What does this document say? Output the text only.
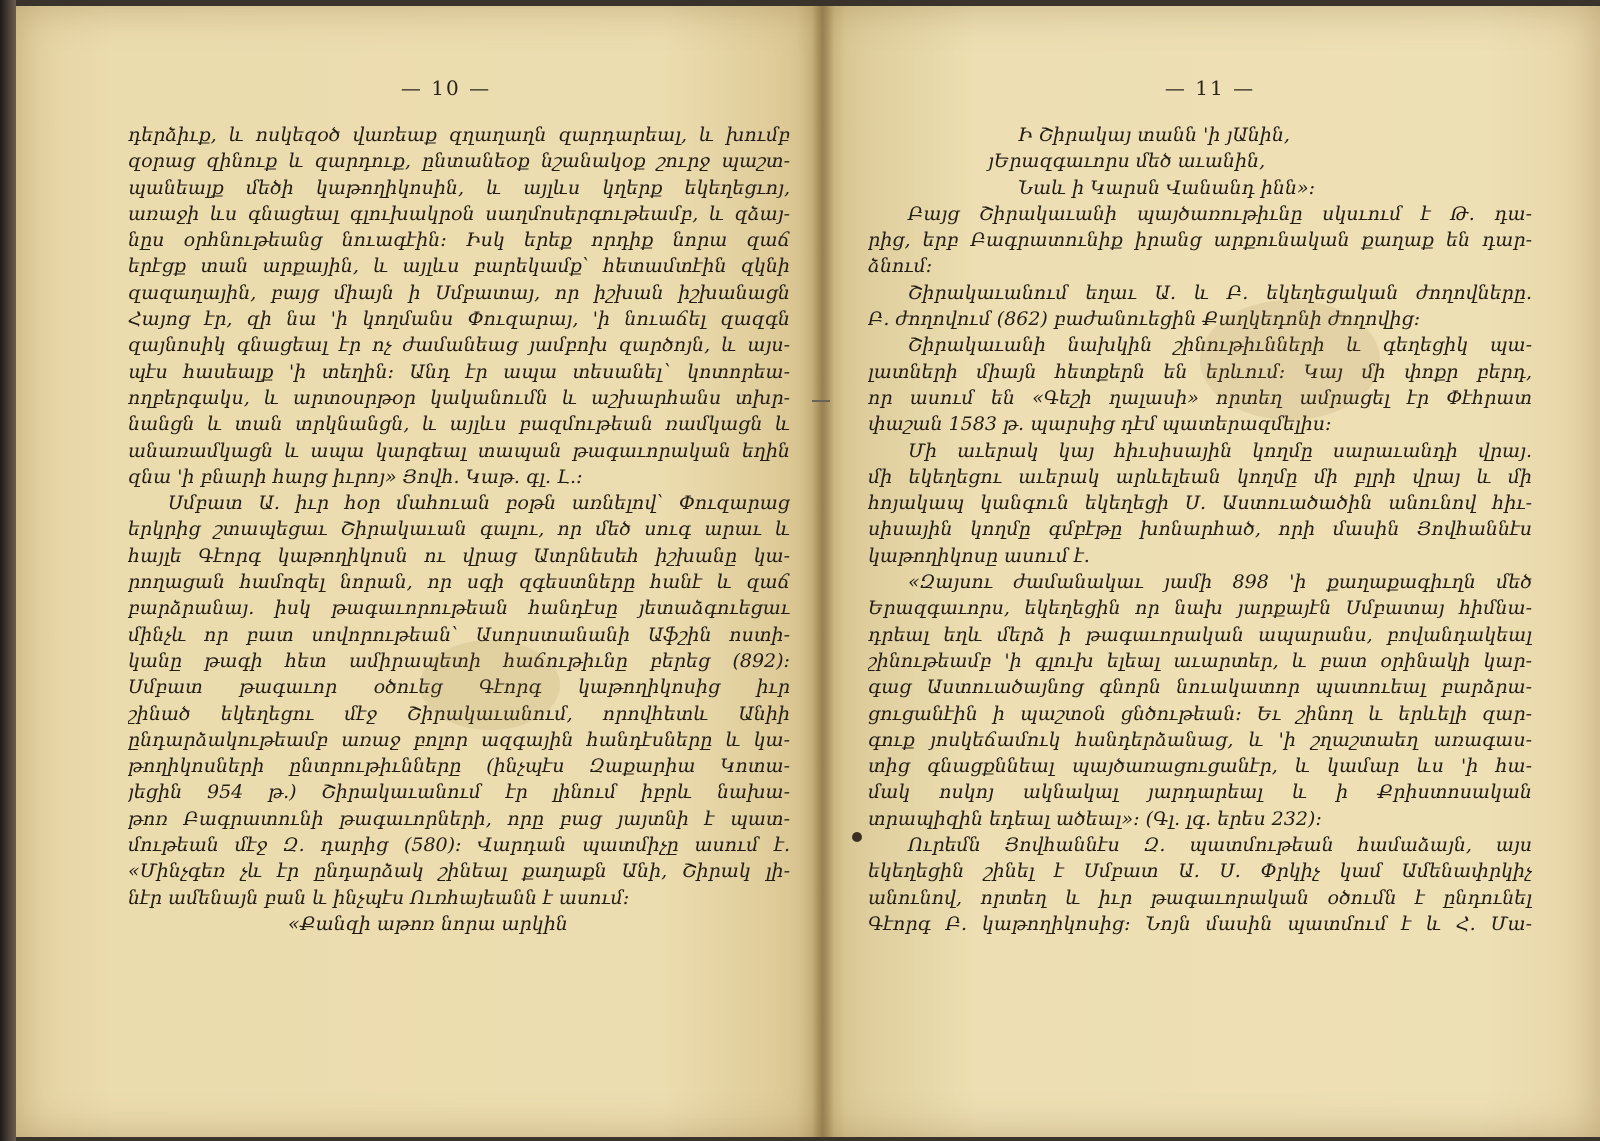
— 10 —
դերձիւք, և ոսկեզօծ վառեաք զղաղաղն զարդարեալ, և խումբ
զօրաց զինուք և զարդուք, ընտանեօք նշանակօք շուրջ պաշտ-
պանեալք մեծի կաթողիկոսին, և այլևս կղերք եկեղեցւոյ,
առաջի ևս գնացեալ գլուխակրօն սաղմոսերգութեամբ, և զձայ-
նըս օրհնութեանց նուագէին։ Իսկ երեք որդիք նորա զաճ
երէցք տան արքային, և այլևս բարեկամք՝ հետամտէին զկնի
զազաղային, բայց միայն ի Սմբատայ, որ իշխան իշխանացն
Հայոց էր, զի նա 'ի կողմանս Փուզարայ, 'ի նուաճել զազգն
զայնոսիկ գնացեալ էր ոչ ժամանեաց յամբոխ զարծոյն, և այս-
պէս հասեալք 'ի տեղին։ Անդ էր ապա տեսանել` կոտորեա-
ողբերգակս, և արտօսրթօր կականումն և աշխարհանս տխր-
նանցն և տան տրկնանցն, և այլևս բազմութեան ռամկացն և
անառամկացն և ապա կարգեալ տապան թագաւորական եղին
զնա 'ի բնարի հարց իւրոյ» Յովհ. Կաթ. գլ. Լ.։
Սմբատ Ա. իւր հօր մահուան բօթն առնելով՝ Փուզարաց
երկրից շտապեցաւ Շիրակաւան գալու, որ մեծ սուգ արաւ և
հայլե Գէորգ կաթողիկոսն ու վրաց Ատրնեսեհ իշխանը կա-
րողացան համոզել նորան, որ սգի զգեստները հանէ և զաճ
բարձրանայ. իսկ թագաւորութեան հանդէսը յետաձգուեցաւ
մինչև որ բատ սովորութեան՝ Ասորստանանի Աֆշին ոստի-
կանը թագի հետ ամիրապետի հաճութիւնը բերեց (892)։
Սմբատ թագաւոր օծուեց Գէորգ կաթողիկոսից իւր
շինած եկեղեցու մէջ Շիրակաւանում, որովհետև Անիի
ընդարձակութեամբ առաջ բոլոր ազգային հանդէսները և կա-
թողիկոսների ընտրութիւնները (ինչպէս Զաքարիա Կոտա-
յեցին 954 թ.) Շիրակաւանում էր լինում իբրև նախա-
թոռ Բագրատունի թագաւորների, որը բաց յայտնի է պատ-
մութեան մէջ Զ. դարից (580)։ Վարդան պատմիչը ասում է.
«Մինչգեռ չև էր ընդարձակ շինեալ քաղաքն Անի, Շիրակ լի-
նէր ամենայն բան և ինչպէս Ուռհայեանն է ասում։
«Քանզի աթոռ նորա արկին
— 11 —
Ի Շիրակայ տանն 'ի յԱնին,
յԵրազգաւորս մեծ աւանին,
Նաև ի Կարսն Վանանդ ինն»։
Բայց Շիրակաւանի պայծառութիւնը սկսւում է Թ. դա-
րից, երբ Բագրատունիք իրանց արքունական քաղաք են դար-
ձնում։
Շիրակաւանում եղաւ Ա. և Բ. եկեղեցական ժողովները.
Բ. ժողովում (862) բաժանուեցին Քաղկեդոնի ժողովից։
Շիրակաւանի նախկին շինութիւնների և գեղեցիկ պա-
լատների միայն հետքերն են երևում։ Կայ մի փոքր բերդ,
որ ասում են «Գեշի ղալասի» որտեղ ամրացել էր Փէհրատ
փաշան 1583 թ. պարսից դէմ պատերազմելիս։
Մի աւերակ կայ հիւսիսային կողմը սարաւանդի վրայ.
մի եկեղեցու աւերակ արևելեան կողմը մի բլրի վրայ և մի
հոյակապ կանգուն եկեղեցի Ս. Աստուածածին անունով հիւ-
սիսային կողմը գմբէթը խոնարհած, որի մասին Յովհաննէս
կաթողիկոսը ասում է.
«Զայսու ժամանակաւ յամի 898 'ի քաղաքագիւղն մեծ
Երազգաւորս, եկեղեցին որ նախ յարքայէն Սմբատայ հիմնա-
դրեալ եղև մերձ ի թագաւորական ապարանս, բովանդակեալ
շինութեամբ 'ի գլուխ ելեալ աւարտեր, և բատ օրինակի կար-
գաց Աստուածայնոց գնորն նուակատոր պատուեալ բարձրա-
ցուցանէին ի պաշտօն ցնծութեան։ Եւ շինող և երևելի զար-
գուք յոսկեճամուկ հանդերձանաց, և 'ի շղաշտաեղ առագաս-
տից գնացքննեալ պայծառացուցանէր, և կամար ևս 'ի հա-
մակ ոսկոյ ակնակալ յարդարեալ և ի Քրիստոսական
տրապիզին եդեալ ածեալ»։ (Գլ. լգ. երես 232)։
Ուրեմն Յովհաննէս Զ. պատմութեան համաձայն, այս
եկեղեցին շինել է Սմբատ Ա. Ս. Փրկիչ կամ Ամենափրկիչ
անունով, որտեղ և իւր թագաւորական օծումն է ընդունել
Գէորգ Բ. կաթողիկոսից։ Նոյն մասին պատմում է և Հ. Մա-
